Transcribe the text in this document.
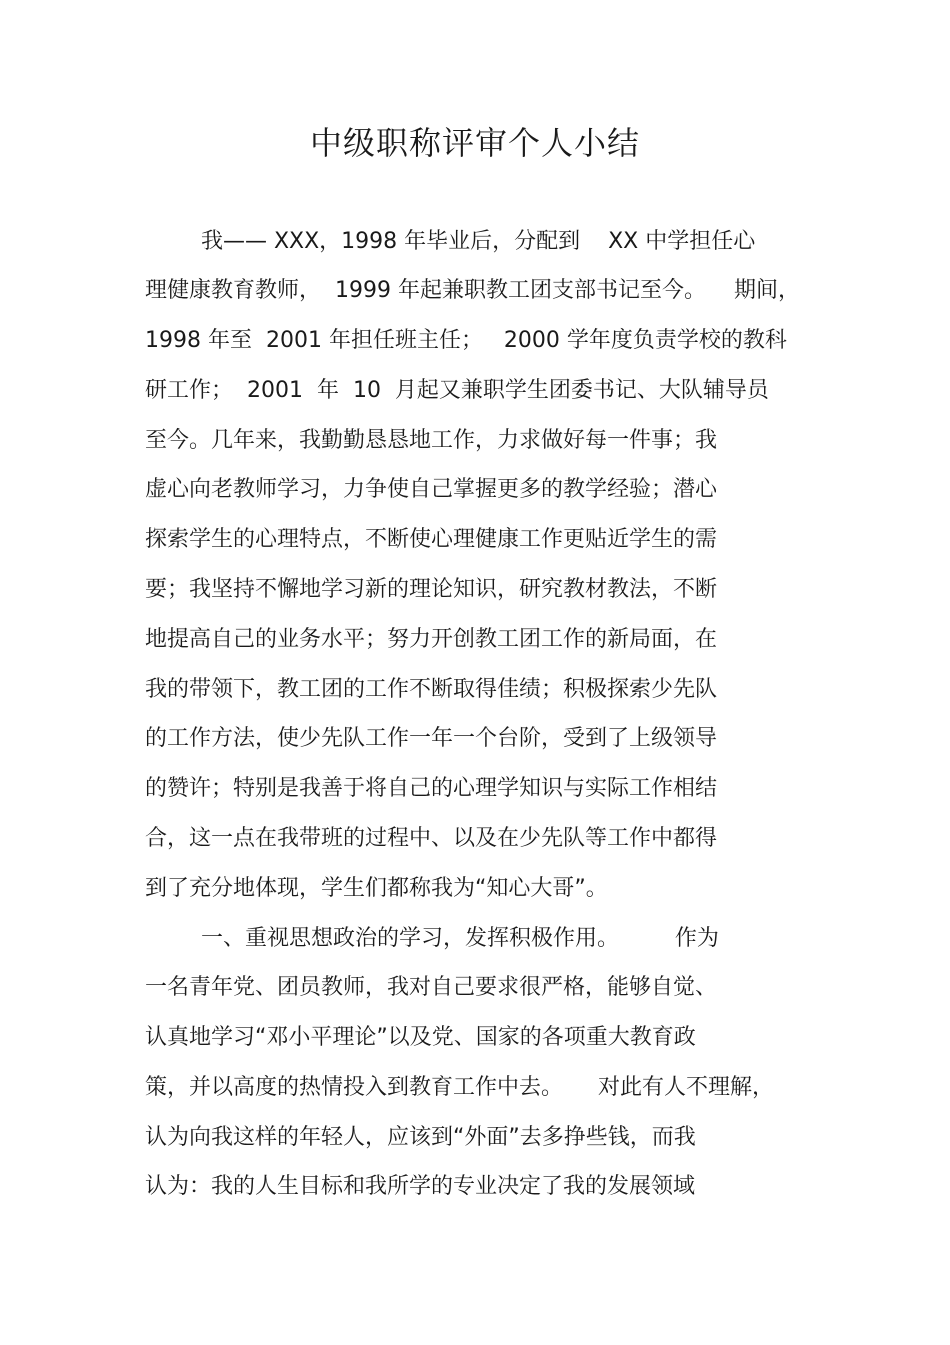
中级职称评审个人小结
我—— XXX，1998 年毕业后，分配到    XX 中学担任心
理健康教育教师，  1999 年起兼职教工团支部书记至今。    期间，
1998 年至  2001 年担任班主任；   2000 学年度负责学校的教科
研工作；  2001  年  10  月起又兼职学生团委书记、大队辅导员
至今。几年来，我勤勤恳恳地工作，力求做好每一件事；我
虚心向老教师学习，力争使自己掌握更多的教学经验；潜心
探索学生的心理特点，不断使心理健康工作更贴近学生的需
要；我坚持不懈地学习新的理论知识，研究教材教法，不断
地提高自己的业务水平；努力开创教工团工作的新局面，在
我的带领下，教工团的工作不断取得佳绩；积极探索少先队
的工作方法，使少先队工作一年一个台阶，受到了上级领导
的赞许；特别是我善于将自己的心理学知识与实际工作相结
合，这一点在我带班的过程中、以及在少先队等工作中都得
到了充分地体现，学生们都称我为“知心大哥”。
一、重视思想政治的学习，发挥积极作用。        作为
一名青年党、团员教师，我对自己要求很严格，能够自觉、
认真地学习“邓小平理论”以及党、国家的各项重大教育政
策，并以高度的热情投入到教育工作中去。     对此有人不理解，
认为向我这样的年轻人，应该到“外面”去多挣些钱，而我
认为：我的人生目标和我所学的专业决定了我的发展领域
